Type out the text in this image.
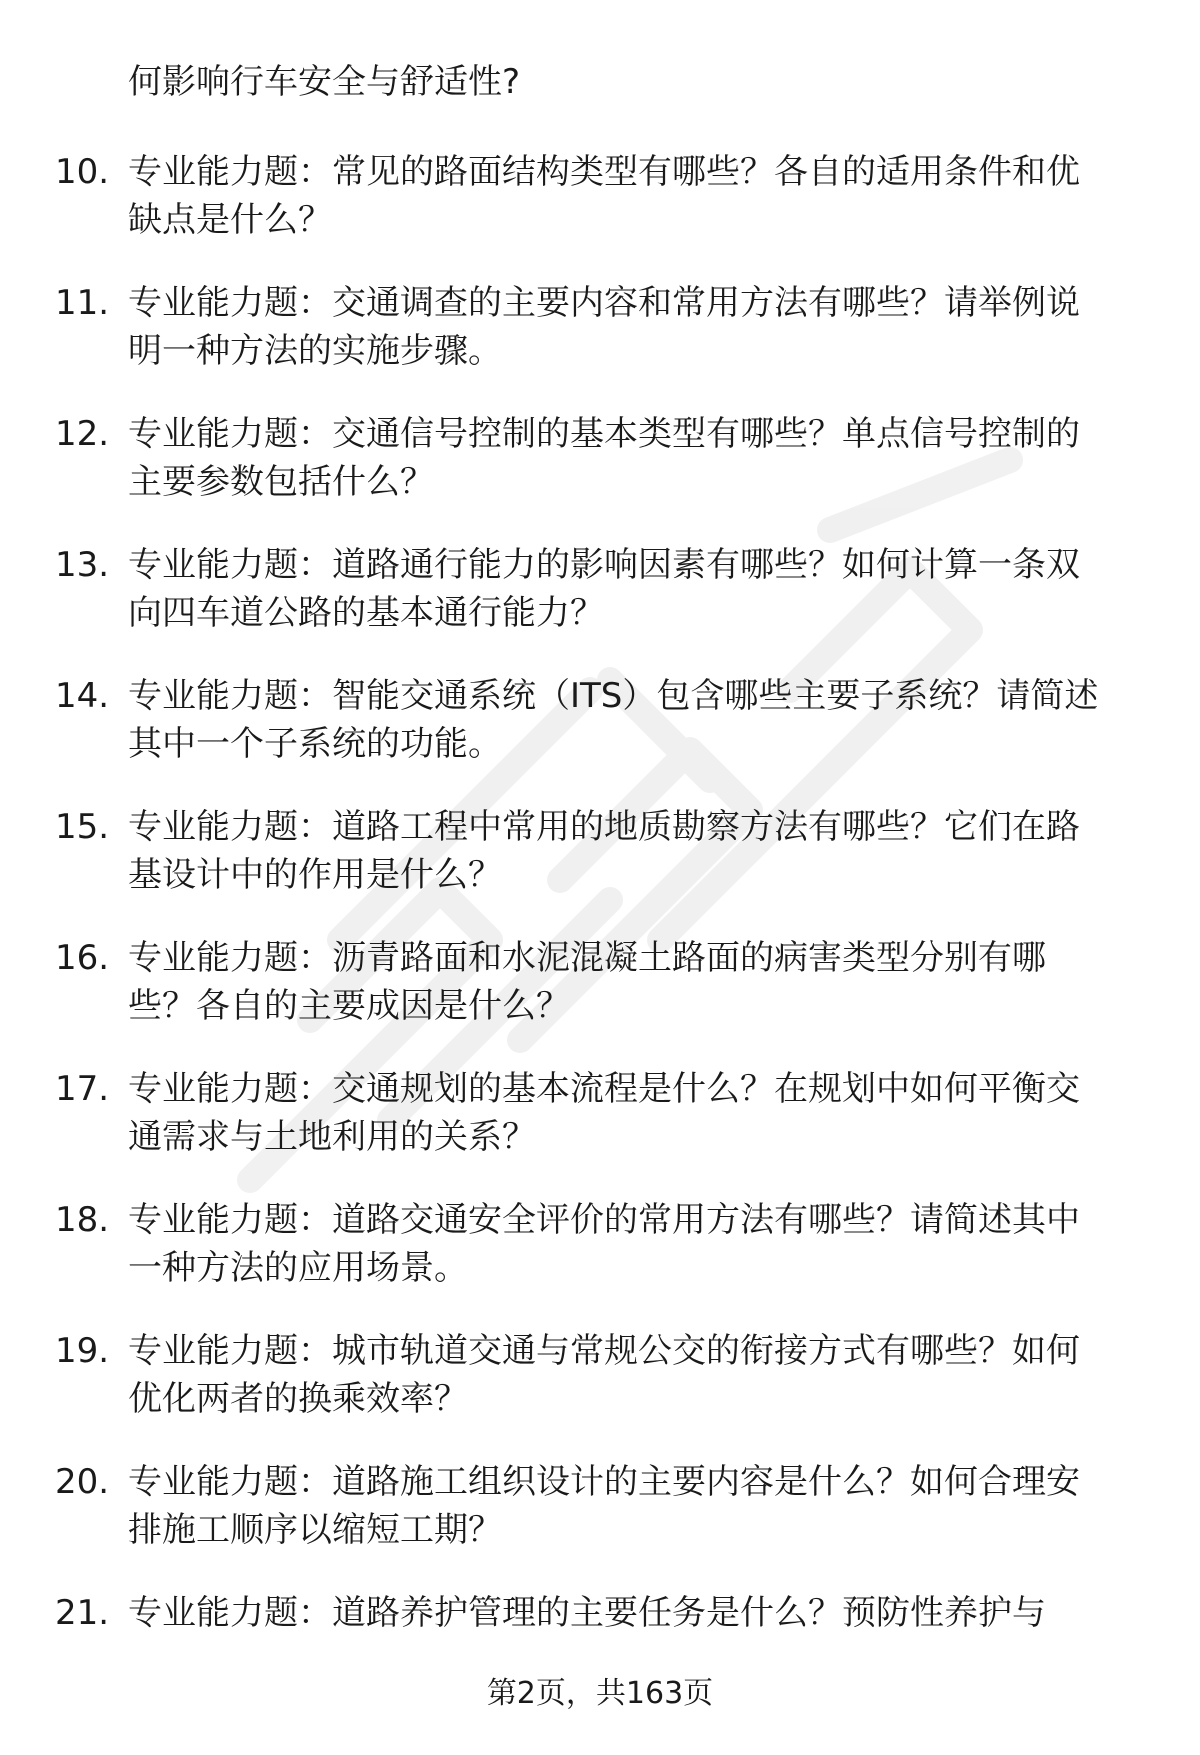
何影响行车安全与舒适性?
10. 专业能力题：常见的路面结构类型有哪些？各自的适用条件和优
缺点是什么？
11. 专业能力题：交通调查的主要内容和常用方法有哪些？请举例说
明一种方法的实施步骤。
12. 专业能力题：交通信号控制的基本类型有哪些？单点信号控制的
主要参数包括什么？
13. 专业能力题：道路通行能力的影响因素有哪些？如何计算一条双
向四车道公路的基本通行能力？
14. 专业能力题：智能交通系统（ITS）包含哪些主要子系统？请简述
其中一个子系统的功能。
15. 专业能力题：道路工程中常用的地质勘察方法有哪些？它们在路
基设计中的作用是什么？
16. 专业能力题：沥青路面和水泥混凝土路面的病害类型分别有哪
些？各自的主要成因是什么？
17. 专业能力题：交通规划的基本流程是什么？在规划中如何平衡交
通需求与土地利用的关系？
18. 专业能力题：道路交通安全评价的常用方法有哪些？请简述其中
一种方法的应用场景。
19. 专业能力题：城市轨道交通与常规公交的衔接方式有哪些？如何
优化两者的换乘效率？
20. 专业能力题：道路施工组织设计的主要内容是什么？如何合理安
排施工顺序以缩短工期？
21. 专业能力题：道路养护管理的主要任务是什么？预防性养护与
第2页，共163页
